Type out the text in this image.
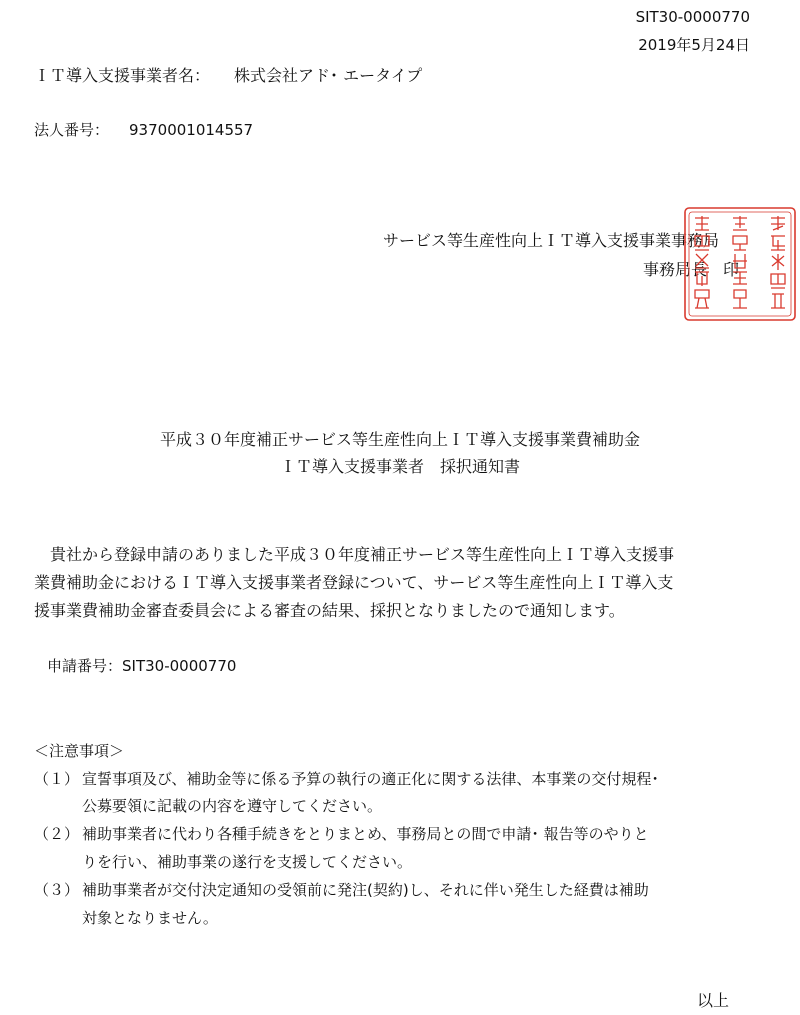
SIT30-0000770
2019年5月24日
ＩＴ導入支援事業者名： 株式会社アド･ エータイプ
法人番号： 9370001014557
サービス等生産性向上ＩＴ導入支援事業事務局
事務局長　印
平成３０年度補正サービス等生産性向上ＩＴ導入支援事業費補助金
ＩＴ導入支援事業者　採択通知書
　貴社から登録申請のありました平成３０年度補正サービス等生産性向上ＩＴ導入支援事
業費補助金におけるＩＴ導入支援事業者登録について、サービス等生産性向上ＩＴ導入支
援事業費補助金審査委員会による審査の結果、採択となりましたので通知します。
申請番号：SIT30-0000770
＜注意事項＞
（１） 宣誓事項及び、補助金等に係る予算の執行の適正化に関する法律、本事業の交付規程･
公募要領に記載の内容を遵守してください。
（２） 補助事業者に代わり各種手続きをとりまとめ、事務局との間で申請･ 報告等のやりと
りを行い、補助事業の遂行を支援してください。
（３） 補助事業者が交付決定通知の受領前に発注(契約)し、それに伴い発生した経費は補助
対象となりません。
以上
